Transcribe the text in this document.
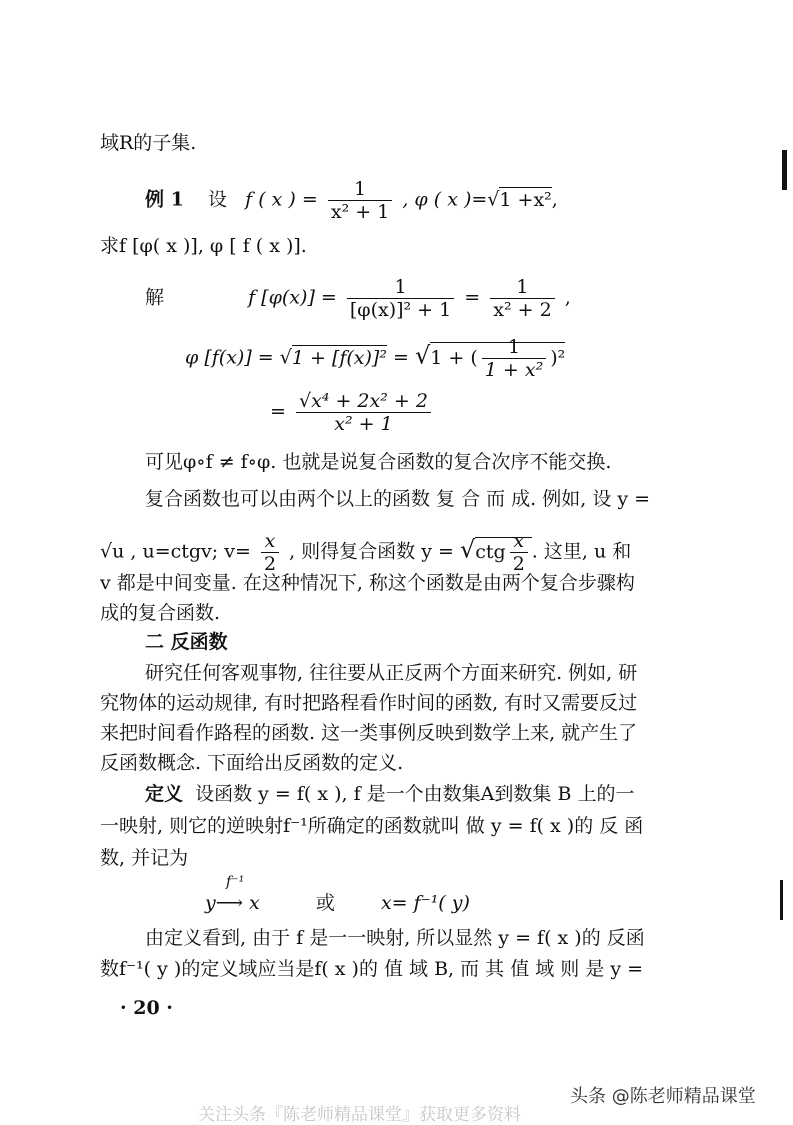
域R的子集.
例 1 设 f ( x ) = $\frac{1}{\text{x² + 1}}$ , φ ( x )=√1 +x²,
求f [φ( x )], φ [ f ( x )].
解	f $[\varphi(x)] = \frac{1}{\text{[φ(x)]² + 1}} = \frac{1}{\text{x² + 2}}$ ,
φ [f(x)] = √1 + [f(x)]² = √1 + ( $\frac{1}{\text{1 + x²}} )^2$
= $\frac{\text{√x⁴ + 2x² + 2}}{\text{x² + 1}}$
可见φ∘f ≠ f∘φ. 也就是说复合函数的复合次序不能交换.
复合函数也可以由两个以上的函数 复 合 而 成. 例如, 设 y =
√u , u=ctgv; $v= \frac{x}{2}$ , 则得复合函数 $y = √ctg \frac{x}{2}$ . 这里, u 和
v 都是中间变量. 在这种情况下, 称这个函数是由两个复合步骤构
成的复合函数.
二 反函数
研究任何客观事物, 往往要从正反两个方面来研究. 例如, 研
究物体的运动规律, 有时把路程看作时间的函数, 有时又需要反过
来把时间看作路程的函数. 这一类事例反映到数学上来, 就产生了
反函数概念. 下面给出反函数的定义.
定义 设函数 y = f( x ), f 是一个由数集A到数集 B 上的一
一映射, 则它的逆映射f⁻¹所确定的函数就叫 做 y = f( x )的 反 函
数, 并记为
f⁻¹
y⟶ x	或 x= f⁻¹( y)
由定义看到, 由于 f 是一一映射, 所以显然 y = f( x )的 反函
数f⁻¹( y )的定义域应当是f( x )的 值 域 B, 而 其 值 域 则 是 y =
· 20 ·
头条 @陈老师精品课堂
关注头条『陈老师精品课堂』获取更多资料
